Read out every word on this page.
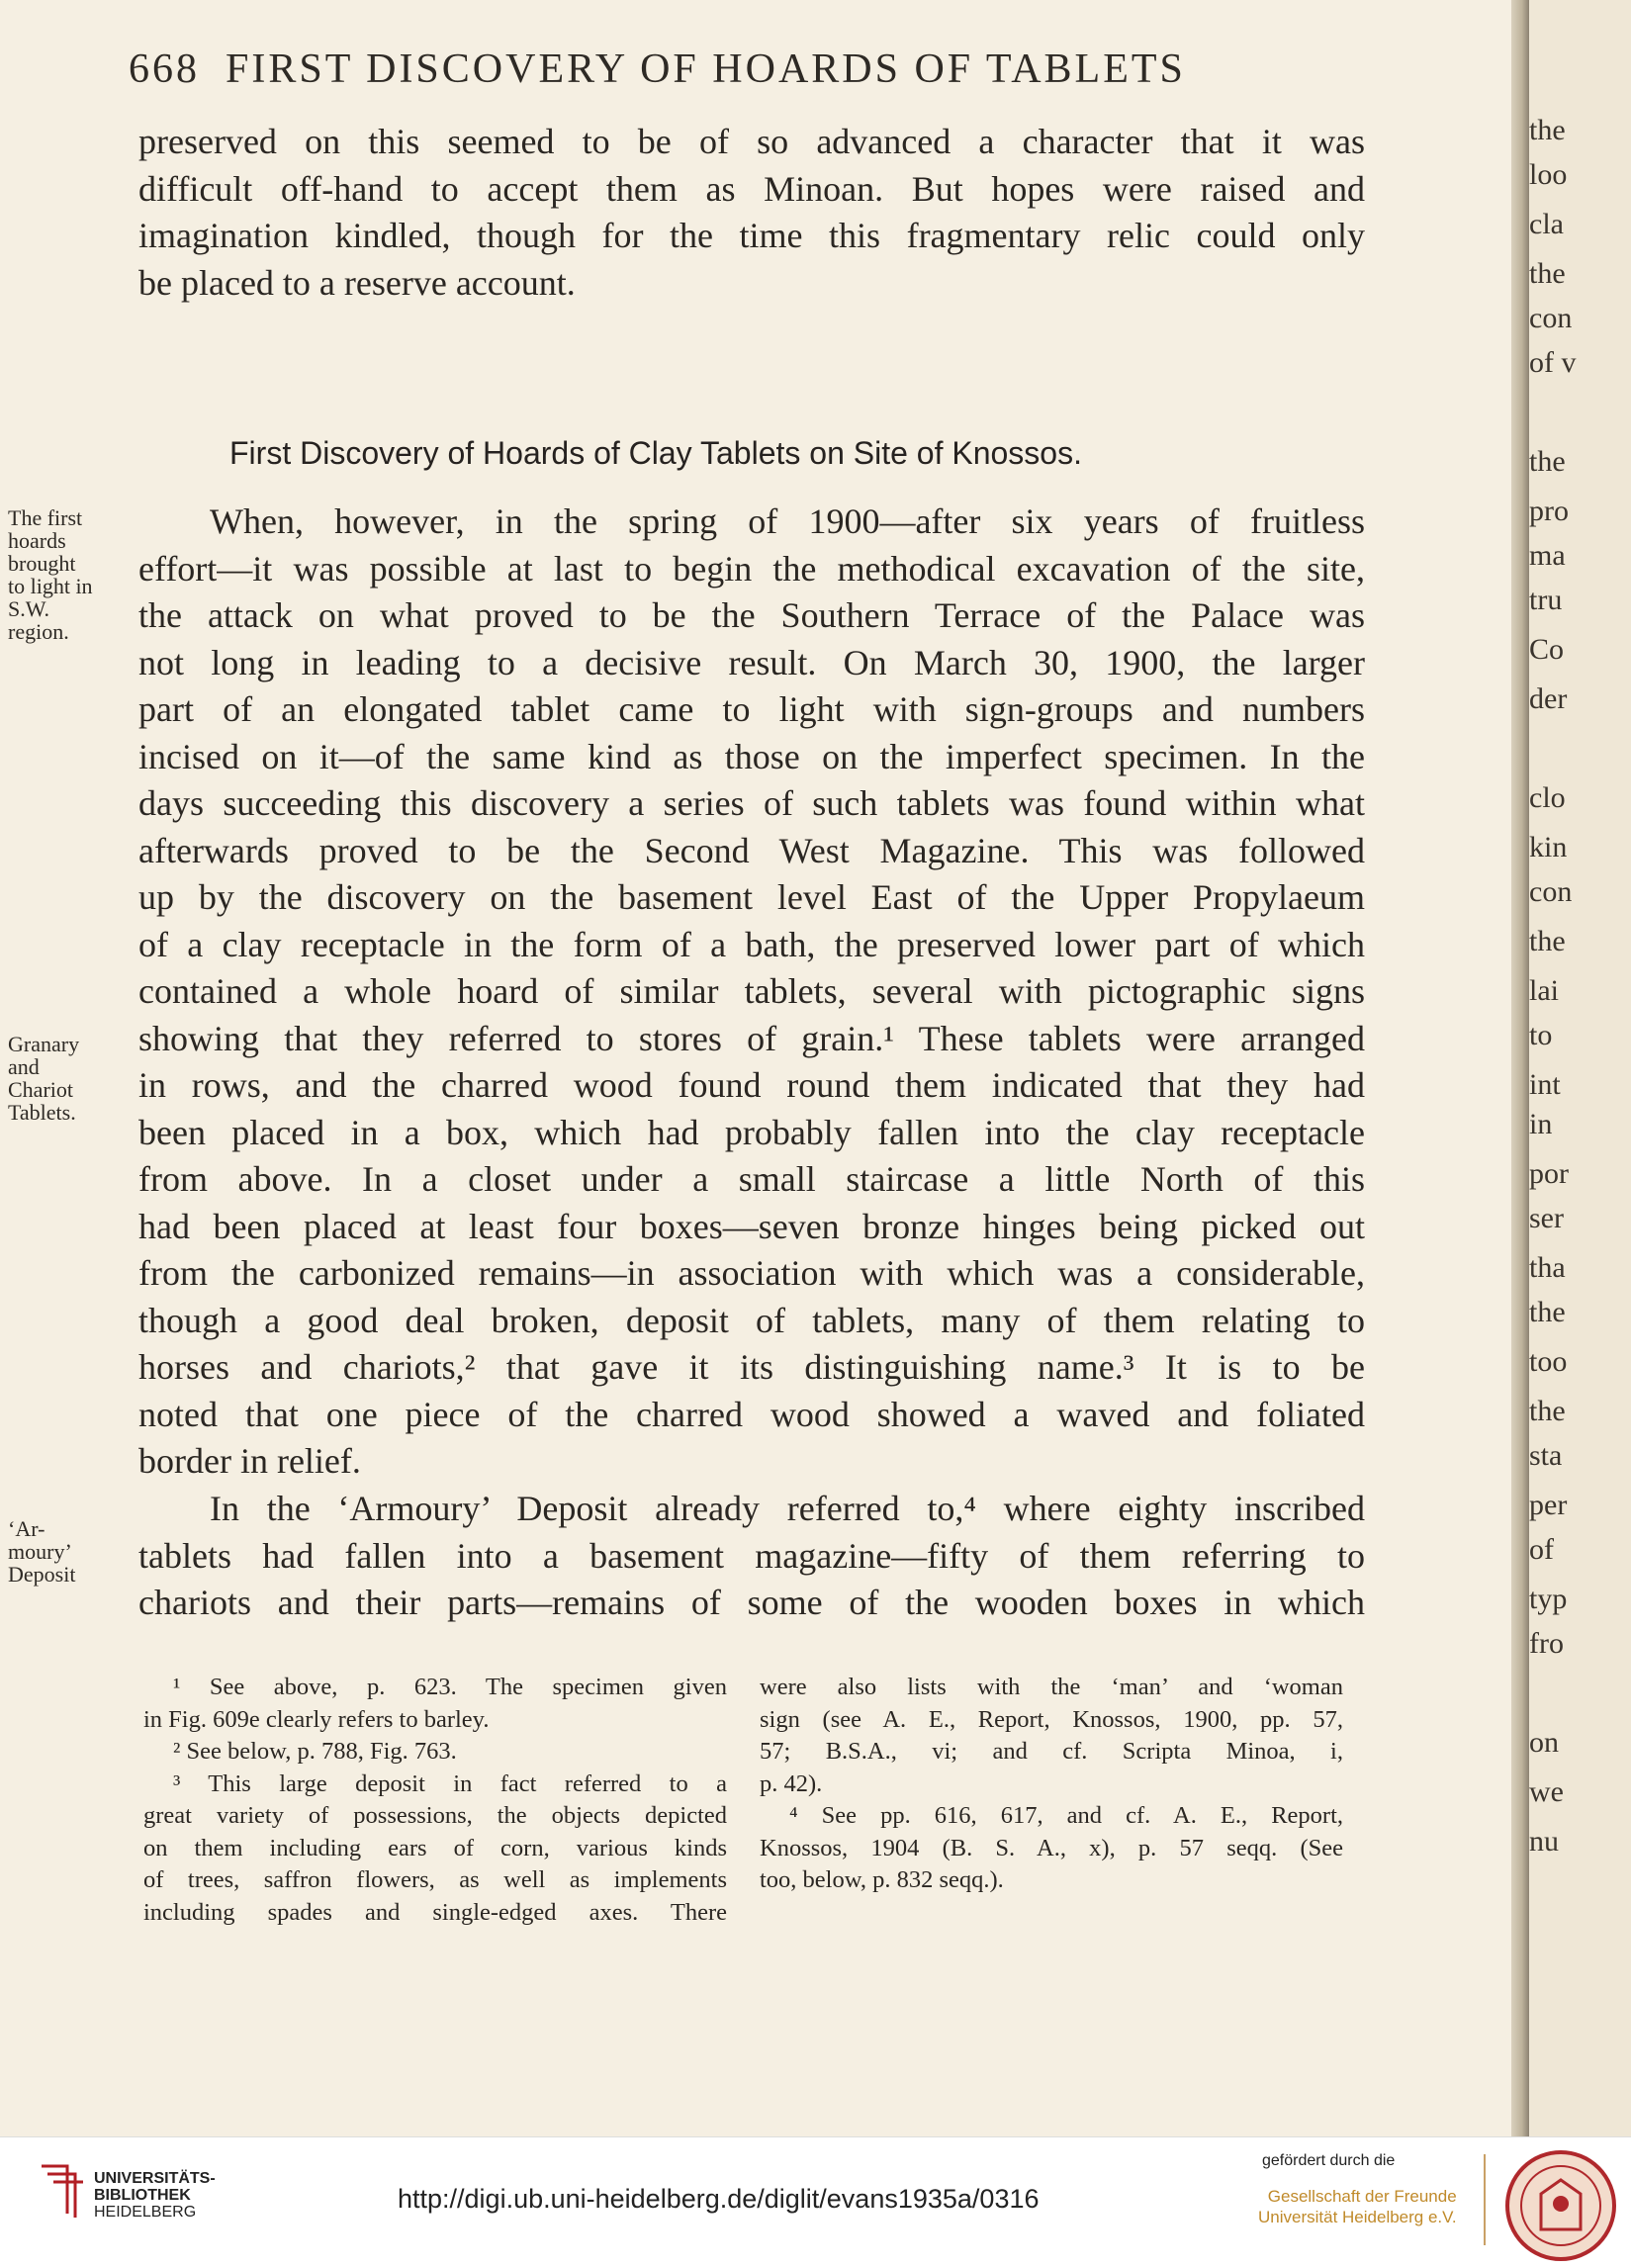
668 FIRST DISCOVERY OF HOARDS OF TABLETS
preserved on this seemed to be of so advanced a character that it was
difficult off-hand to accept them as Minoan. But hopes were raised and
imagination kindled, though for the time this fragmentary relic could only
be placed to a reserve account.
First Discovery of Hoards of Clay Tablets on Site of Knossos.
When, however, in the spring of 1900—after six years of fruitless
effort—it was possible at last to begin the methodical excavation of the site,
the attack on what proved to be the Southern Terrace of the Palace was
not long in leading to a decisive result. On March 30, 1900, the larger
part of an elongated tablet came to light with sign-groups and numbers
incised on it—of the same kind as those on the imperfect specimen. In the
days succeeding this discovery a series of such tablets was found within what
afterwards proved to be the Second West Magazine. This was followed
up by the discovery on the basement level East of the Upper Propylaeum
of a clay receptacle in the form of a bath, the preserved lower part of which
contained a whole hoard of similar tablets, several with pictographic signs
showing that they referred to stores of grain.¹ These tablets were arranged
in rows, and the charred wood found round them indicated that they had
been placed in a box, which had probably fallen into the clay receptacle
from above. In a closet under a small staircase a little North of this
had been placed at least four boxes—seven bronze hinges being picked out
from the carbonized remains—in association with which was a considerable,
though a good deal broken, deposit of tablets, many of them relating to
horses and chariots,² that gave it its distinguishing name.³ It is to be
noted that one piece of the charred wood showed a waved and foliated
border in relief.
In the ‘Armoury’ Deposit already referred to,⁴ where eighty inscribed
tablets had fallen into a basement magazine—fifty of them referring to
chariots and their parts—remains of some of the wooden boxes in which
The first
hoards
brought
to light in
S.W.
region.
Granary
and
Chariot
Tablets.
‘Ar-
moury’
Deposit
¹ See above, p. 623. The specimen given
in Fig. 609e clearly refers to barley.
² See below, p. 788, Fig. 763.
³ This large deposit in fact referred to a
great variety of possessions, the objects depicted
on them including ears of corn, various kinds
of trees, saffron flowers, as well as implements
including spades and single-edged axes. There
were also lists with the ‘man’ and ‘woman
sign (see A. E., Report, Knossos, 1900, pp. 57,
57; B.S.A., vi; and cf. Scripta Minoa, i,
p. 42).
⁴ See pp. 616, 617, and cf. A. E., Report,
Knossos, 1904 (B. S. A., x), p. 57 seqq. (See
too, below, p. 832 seqq.).
the
loo
cla
the
con
of v
the
pro
ma
tru
Co
der
clo
kin
con
the
lai
to
int
in
por
ser
tha
the
too
the
sta
per
of
typ
fro
on
we
nu
UNIVERSITÄTS-
BIBLIOTHEK
HEIDELBERG	http://digi.ub.uni-heidelberg.de/diglit/evans1935a/0316
gefördert durch die
Gesellschaft der Freunde
Universität Heidelberg e.V.
